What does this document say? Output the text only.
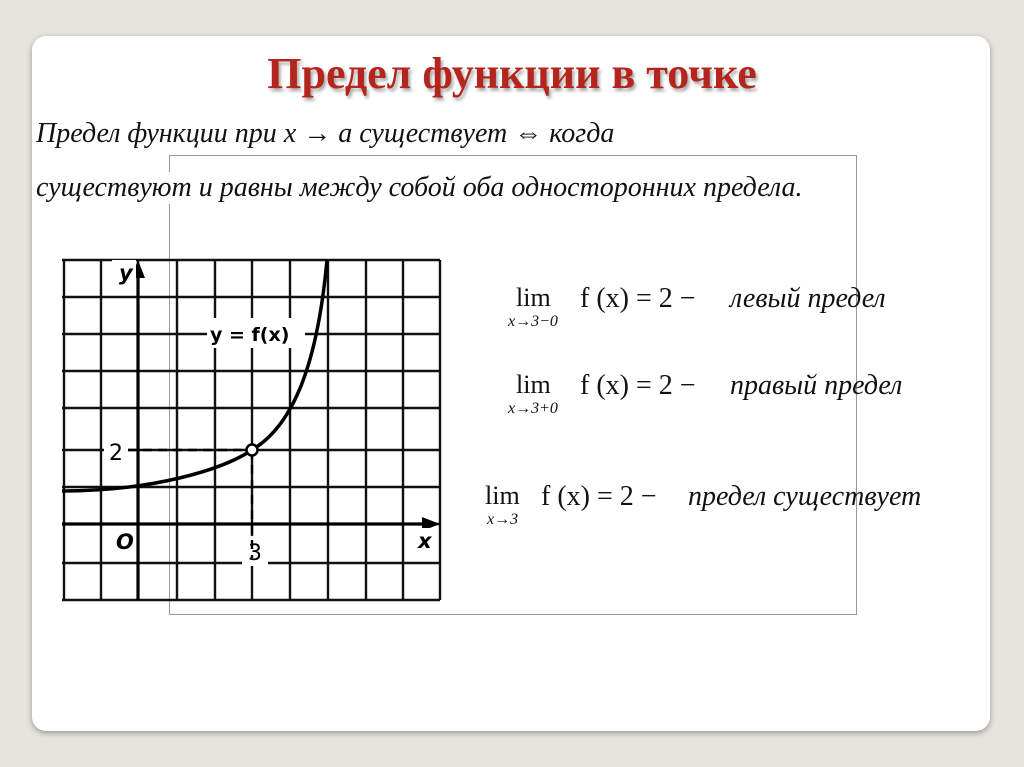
Предел функции в точке
Предел функции при x → a существует ⇔ когда
существуют и равны между собой оба односторонних предела.
y
y = f(x)
2
3
O	x
lim
x→3−0
f (x) = 2 − левый предел
lim
x→3+0
f (x) = 2 − правый предел
lim
x→3
f (x) = 2 − предел существует
